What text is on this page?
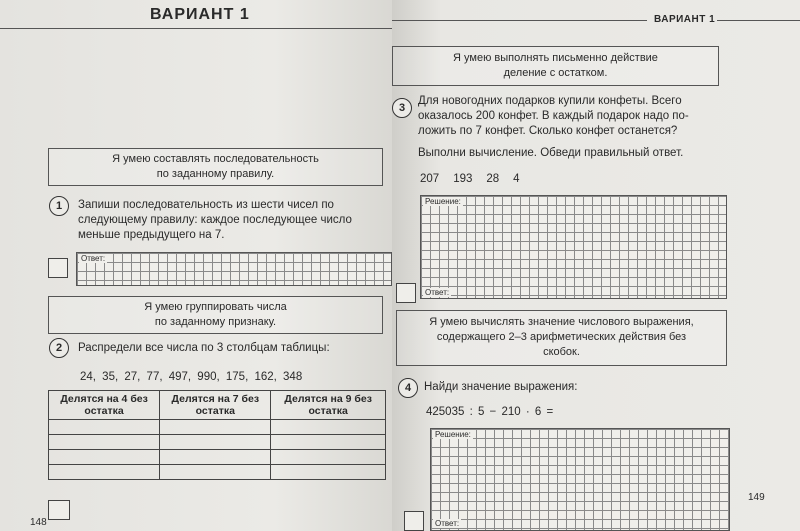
ВАРИАНТ 1
Я умею составлять последовательность
по заданному правилу.
1	Запиши последовательность из шести чисел по
следующему правилу: каждое последующее число
меньше предыдущего на 7.
Ответ:
Я умею группировать числа
по заданному признаку.
2	Распредели все числа по 3 столбцам таблицы:
24, 35, 27, 77, 497, 990, 175, 162, 348
Делятся на 4 без остатка	Делятся на 7 без остатка	Делятся на 9 без остатка

148
ВАРИАНТ 1
Я умею выполнять письменно действие
деление с остатком.
3
Для новогодних подарков купили конфеты. Всего
оказалось 200 конфет. В каждый подарок надо по-
ложить по 7 конфет. Сколько конфет останется?
Выполни вычисление. Обведи правильный ответ.
207 193 28 4
Решение:
Ответ:
Я умею вычислять значение числового выражения,
содержащего 2–3 арифметических действия без
скобок.
4	Найди значение выражения:
425035 : 5 − 210 · 6 =
Решение:
Ответ:
149
